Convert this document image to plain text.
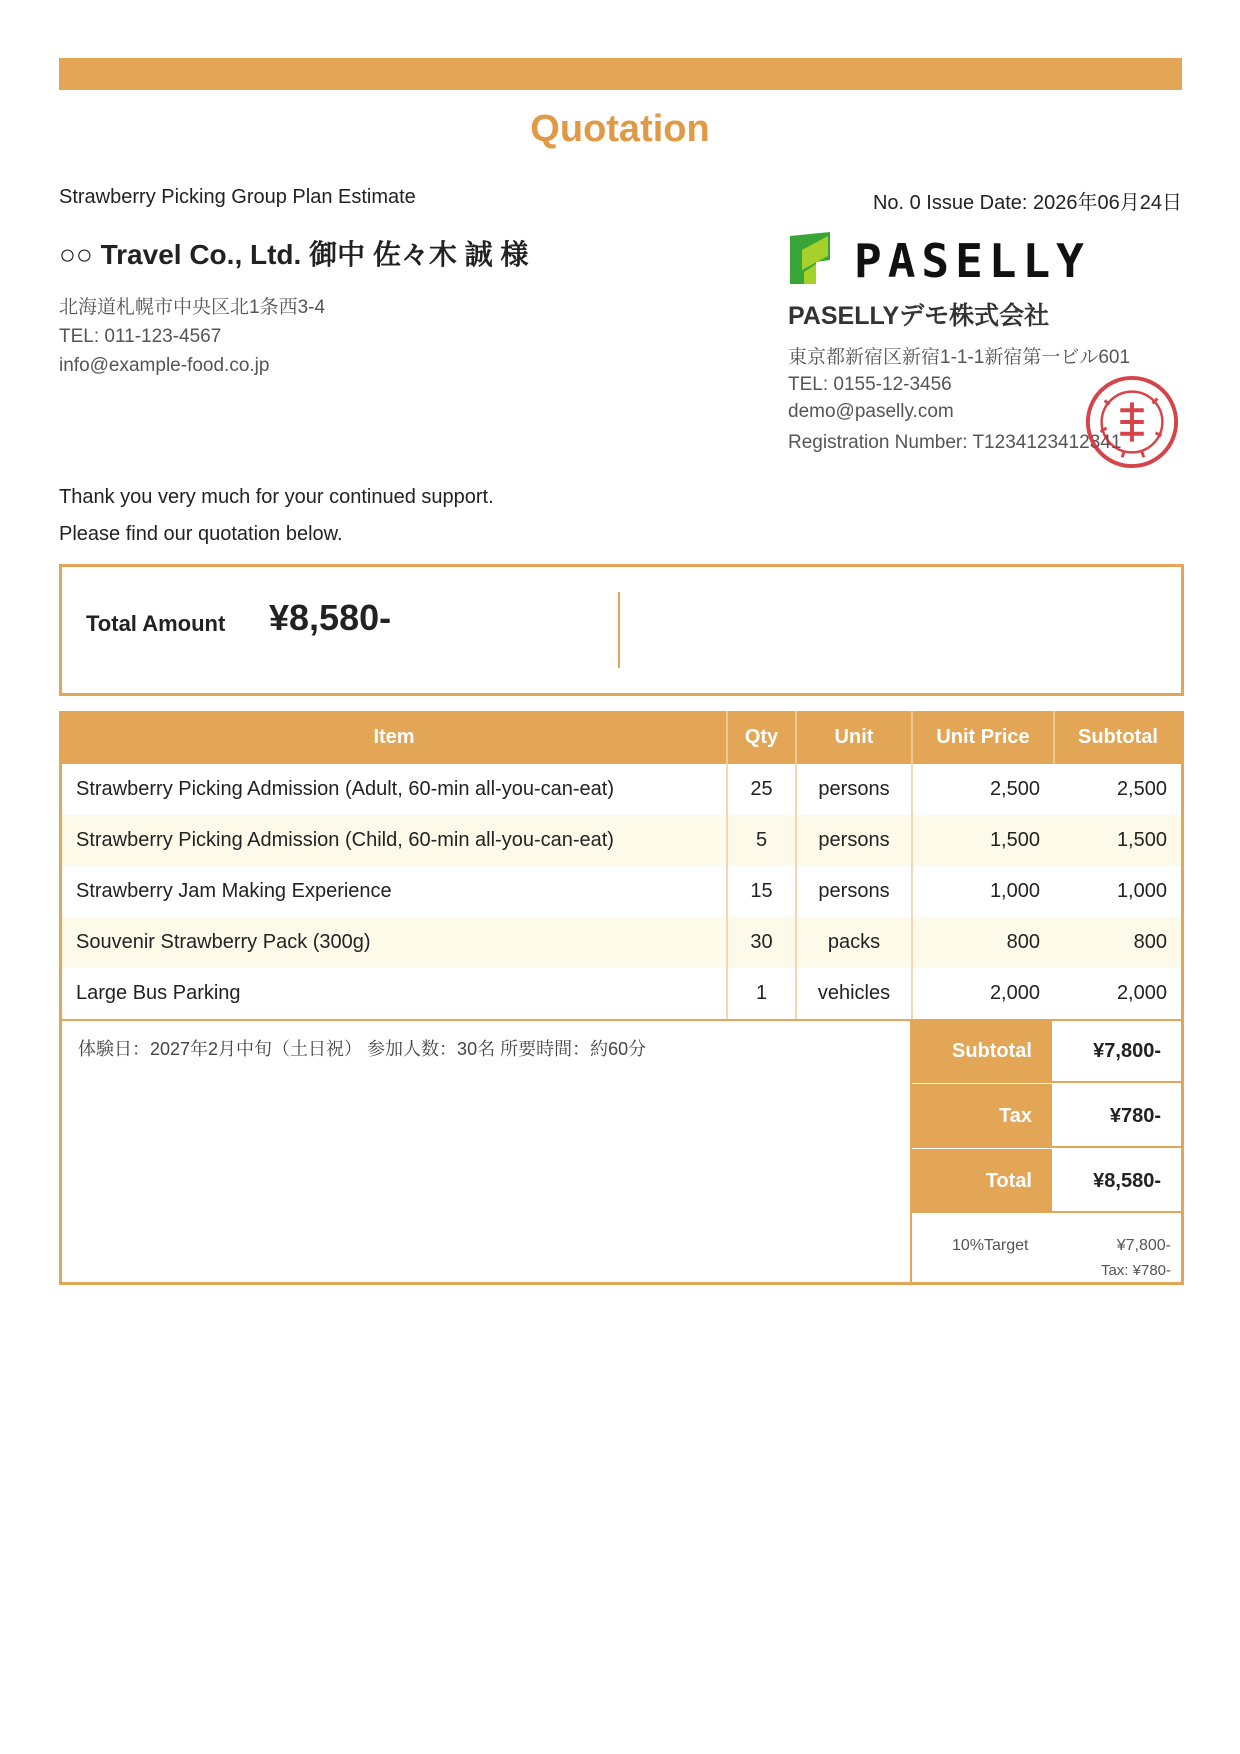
Quotation
Strawberry Picking Group Plan Estimate	No. 0 Issue Date: 2026年06月24日
○○ Travel Co., Ltd. 御中 佐々木 誠 様
北海道札幌市中央区北1条西3-4
TEL: 011-123-4567
info@example-food.co.jp
PASELLY
PASELLYデモ株式会社
東京都新宿区新宿1-1-1新宿第一ビル601
TEL: 0155-12-3456
demo@paselly.com
Registration Number: T1234123412341
Thank you very much for your continued support.
Please find our quotation below.
Total Amount ¥8,580-
Item	Qty	Unit	Unit Price	Subtotal
Strawberry Picking Admission (Adult, 60-min all-you-can-eat)	25	persons	2,500	2,500
Strawberry Picking Admission (Child, 60-min all-you-can-eat)	5	persons	1,500	1,500
Strawberry Jam Making Experience	15	persons	1,000	1,000
Souvenir Strawberry Pack (300g)	30	packs	800	800
Large Bus Parking	1	vehicles	2,000	2,000
体験日：2027年2月中旬（土日祝） 参加人数：30名 所要時間：約60分	Subtotal	¥7,800-
Tax	¥780-
Total	¥8,580-
10%Target	¥7,800-
Tax: ¥780-
